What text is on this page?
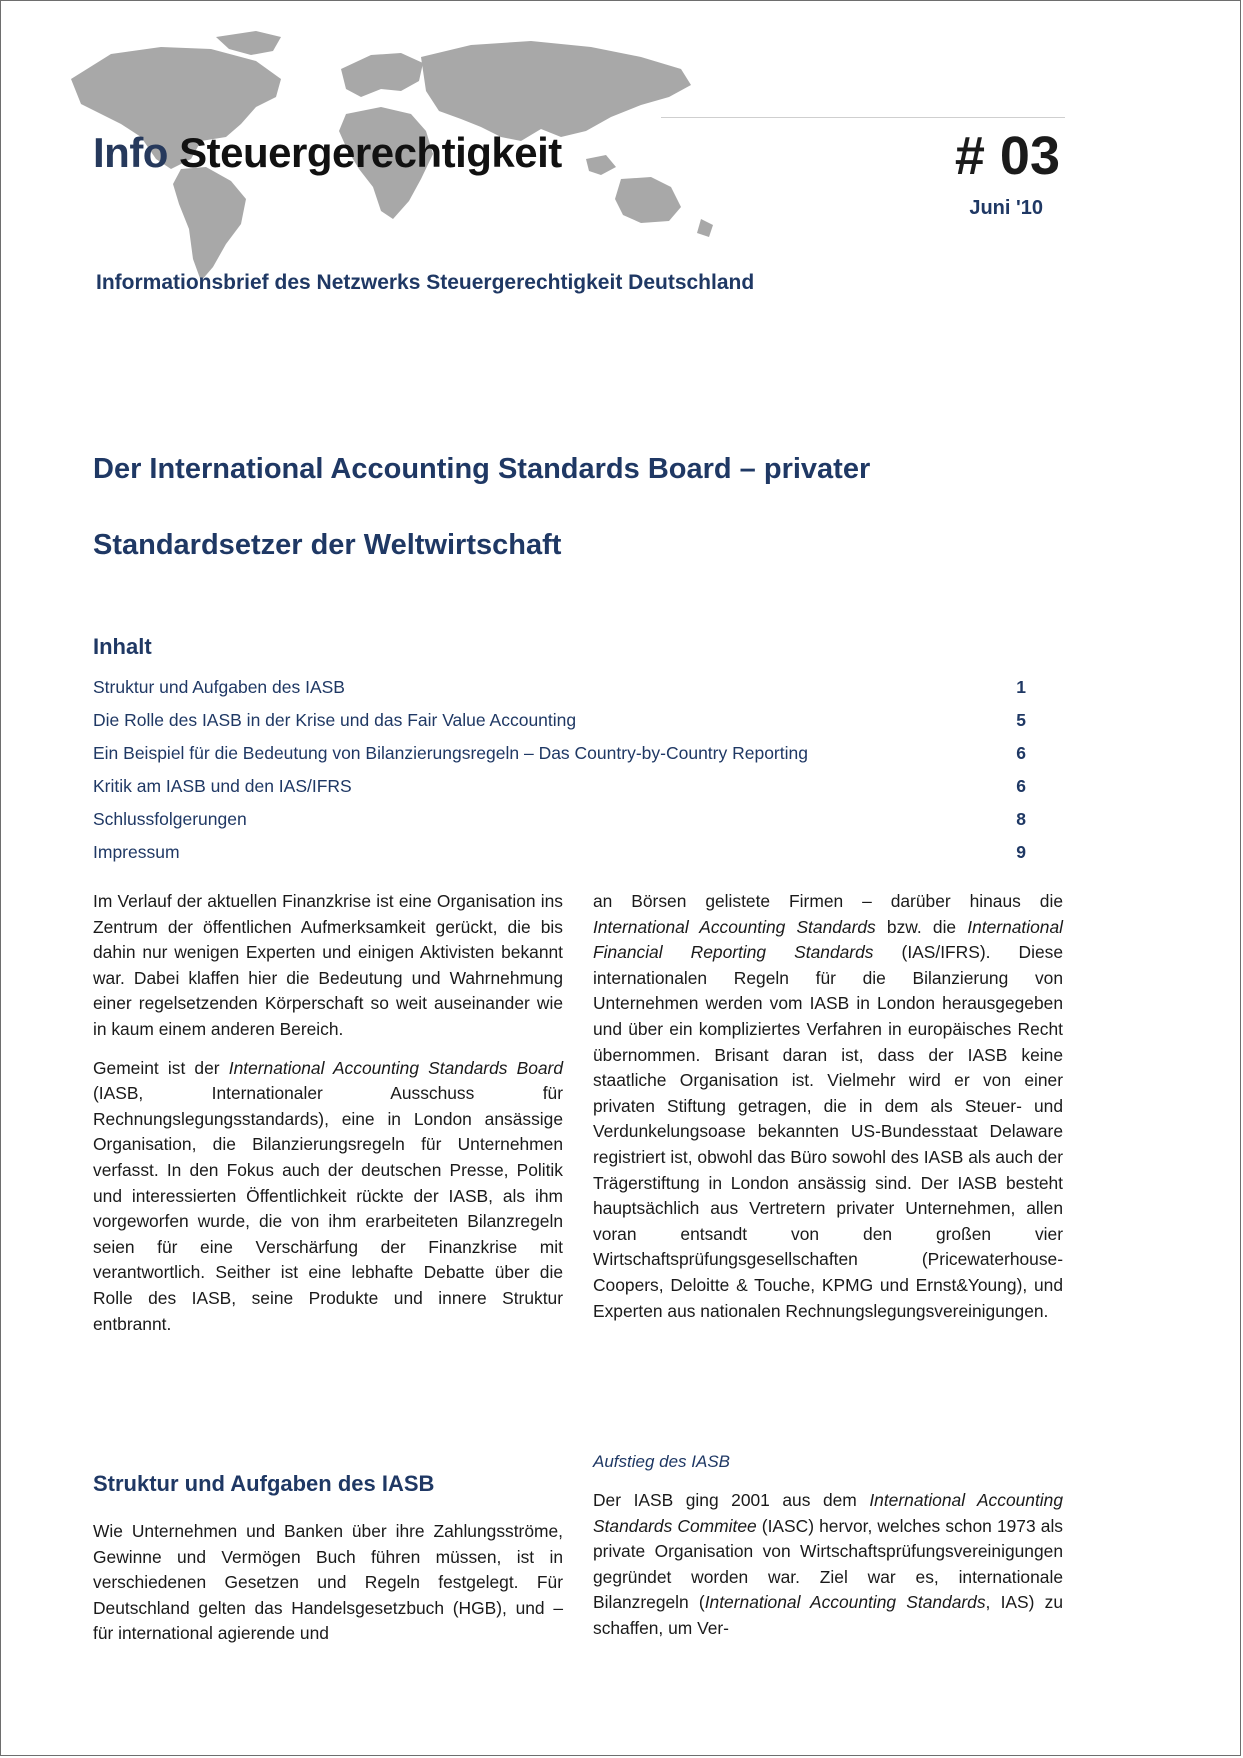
Info Steuergerechtigkeit	# 03
Juni '10
Informationsbrief des Netzwerks Steuergerechtigkeit Deutschland
Der International Accounting Standards Board – privater
Standardsetzer der Weltwirtschaft
Inhalt
Struktur und Aufgaben des IASB	1
Die Rolle des IASB in der Krise und das Fair Value Accounting	5
Ein Beispiel für die Bedeutung von Bilanzierungsregeln – Das Country-by-Country Reporting	6
Kritik am IASB und den IAS/IFRS	6
Schlussfolgerungen	8
Impressum	9

Im Verlauf der aktuellen Finanzkrise ist eine Organisation ins Zentrum der öffentlichen Aufmerksamkeit gerückt, die bis dahin nur wenigen Experten und einigen Aktivisten bekannt war. Dabei klaffen hier die Bedeutung und Wahrnehmung einer regelsetzenden Körperschaft so weit auseinander wie in kaum einem anderen Bereich.

Gemeint ist der International Accounting Standards Board (IASB, Internationaler Ausschuss für Rechnungslegungsstandards), eine in London ansässige Organisation, die Bilanzierungsregeln für Unternehmen verfasst. In den Fokus auch der deutschen Presse, Politik und interessierten Öffentlichkeit rückte der IASB, als ihm vorgeworfen wurde, die von ihm erarbeiteten Bilanzregeln seien für eine Verschärfung der Finanzkrise mit verantwortlich. Seither ist eine lebhafte Debatte über die Rolle des IASB, seine Produkte und innere Struktur entbrannt.

Struktur und Aufgaben des IASB

Wie Unternehmen und Banken über ihre Zahlungsströme, Gewinne und Vermögen Buch führen müssen, ist in verschiedenen Gesetzen und Regeln festgelegt. Für Deutschland gelten das Handelsgesetzbuch (HGB), und – für international agierende und

an Börsen gelistete Firmen – darüber hinaus die International Accounting Standards bzw. die International Financial Reporting Standards (IAS/IFRS). Diese internationalen Regeln für die Bilanzierung von Unternehmen werden vom IASB in London herausgegeben und über ein kompliziertes Verfahren in europäisches Recht übernommen. Brisant daran ist, dass der IASB keine staatliche Organisation ist. Vielmehr wird er von einer privaten Stiftung getragen, die in dem als Steuer- und Verdunkelungsoase bekannten US-Bundesstaat Delaware registriert ist, obwohl das Büro sowohl des IASB als auch der Trägerstiftung in London ansässig sind. Der IASB besteht hauptsächlich aus Vertretern privater Unternehmen, allen voran entsandt von den großen vier Wirtschaftsprüfungsgesellschaften (Pricewaterhouse-Coopers, Deloitte & Touche, KPMG und Ernst&Young), und Experten aus nationalen Rechnungslegungsvereinigungen.

Aufstieg des IASB

Der IASB ging 2001 aus dem International Accounting Standards Commitee (IASC) hervor, welches schon 1973 als private Organisation von Wirtschaftsprüfungsvereinigungen gegründet worden war. Ziel war es, internationale Bilanzregeln (International Accounting Standards, IAS) zu schaffen, um Ver-
